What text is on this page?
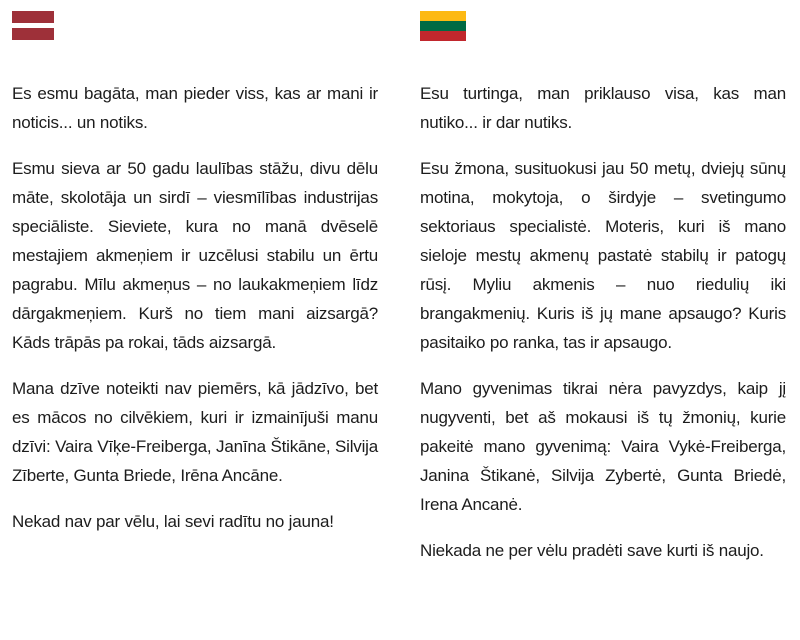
Es esmu bagāta, man pieder viss, kas ar mani ir noticis... un notiks.

Esmu sieva ar 50 gadu laulības stāžu, divu dēlu māte, skolotāja un sirdī – viesmīlības industrijas speciāliste. Sieviete, kura no manā dvēselē mestajiem akmeņiem ir uzcēlusi stabilu un ērtu pagrabu. Mīlu akmeņus – no laukakmeņiem līdz dārgakmeņiem. Kurš no tiem mani aizsargā? Kāds trāpās pa rokai, tāds aizsargā.

Mana dzīve noteikti nav piemērs, kā jādzīvo, bet es mācos no cilvēkiem, kuri ir izmainījuši manu dzīvi: Vaira Vīķe-Freiberga, Janīna Štikāne, Silvija Zīberte, Gunta Briede, Irēna Ancāne.

Nekad nav par vēlu, lai sevi radītu no jauna!

Esu turtinga, man priklauso visa, kas man nutiko... ir dar nutiks.

Esu žmona, susituokusi jau 50 metų, dviejų sūnų motina, mokytoja, o širdyje – svetingumo sektoriaus specialistė. Moteris, kuri iš mano sieloje mestų akmenų pastatė stabilų ir patogų rūsį. Myliu akmenis – nuo riedulių iki brangakmenių. Kuris iš jų mane apsaugo? Kuris pasitaiko po ranka, tas ir apsaugo.

Mano gyvenimas tikrai nėra pavyzdys, kaip jį nugyventi, bet aš mokausi iš tų žmonių, kurie pakeitė mano gyvenimą: Vaira Vykė-Freiberga, Janina Štikanė, Silvija Zybertė, Gunta Briedė, Irena Ancanė.

Niekada ne per vėlu pradėti save kurti iš naujo.
